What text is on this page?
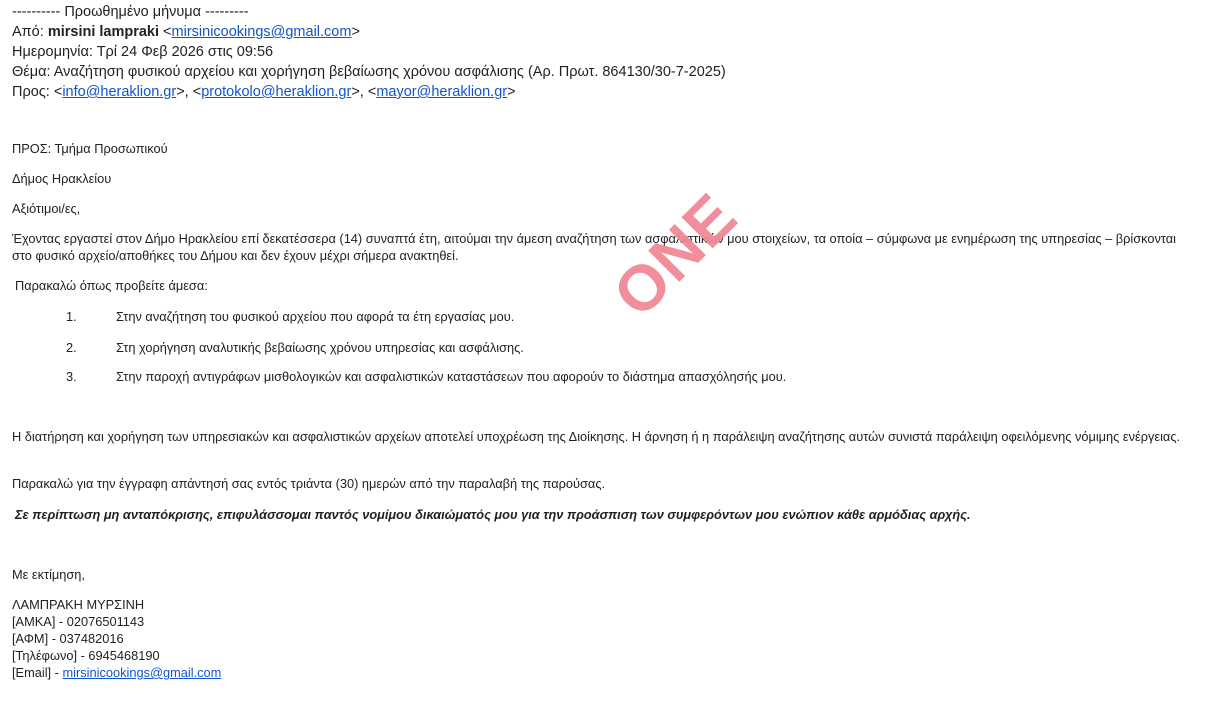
---------- Προωθημένο μήνυμα ---------
Από: mirsini lampraki <mirsinicookings@gmail.com>
Ημερομηνία: Τρί 24 Φεβ 2026 στις 09:56
Θέμα: Αναζήτηση φυσικού αρχείου και χορήγηση βεβαίωσης χρόνου ασφάλισης (Αρ. Πρωτ. 864130/30-7-2025)
Προς: <info@heraklion.gr>, <protokolo@heraklion.gr>, <mayor@heraklion.gr>
ΠΡΟΣ: Τμήμα Προσωπικού
Δήμος Ηρακλείου
Αξιότιμοι/ες,
Έχοντας εργαστεί στον Δήμο Ηρακλείου επί δεκατέσσερα (14) συναπτά έτη, αιτούμαι την άμεση αναζήτηση των ασφαλιστικών μου στοιχείων, τα οποία – σύμφωνα με ενημέρωση της υπηρεσίας – βρίσκονται στο φυσικό αρχείο/αποθήκες του Δήμου και δεν έχουν μέχρι σήμερα ανακτηθεί.
Παρακαλώ όπως προβείτε άμεσα:
1.	Στην αναζήτηση του φυσικού αρχείου που αφορά τα έτη εργασίας μου.
2.	Στη χορήγηση αναλυτικής βεβαίωσης χρόνου υπηρεσίας και ασφάλισης.
3.	Στην παροχή αντιγράφων μισθολογικών και ασφαλιστικών καταστάσεων που αφορούν το διάστημα απασχόλησής μου.
Η διατήρηση και χορήγηση των υπηρεσιακών και ασφαλιστικών αρχείων αποτελεί υποχρέωση της Διοίκησης. Η άρνηση ή η παράλειψη αναζήτησης αυτών συνιστά παράλειψη οφειλόμενης νόμιμης ενέργειας.
Παρακαλώ για την έγγραφη απάντησή σας εντός τριάντα (30) ημερών από την παραλαβή της παρούσας.
Σε περίπτωση μη ανταπόκρισης, επιφυλάσσομαι παντός νομίμου δικαιώματός μου για την προάσπιση των συμφερόντων μου ενώπιον κάθε αρμόδιας αρχής.
Με εκτίμηση,
ΛΑΜΠΡΑΚΗ ΜΥΡΣΙΝΗ
[ΑΜΚΑ] - 02076501143
[ΑΦΜ] - 037482016
[Τηλέφωνο] - 6945468190
[Email] - mirsinicookings@gmail.com
ONE
